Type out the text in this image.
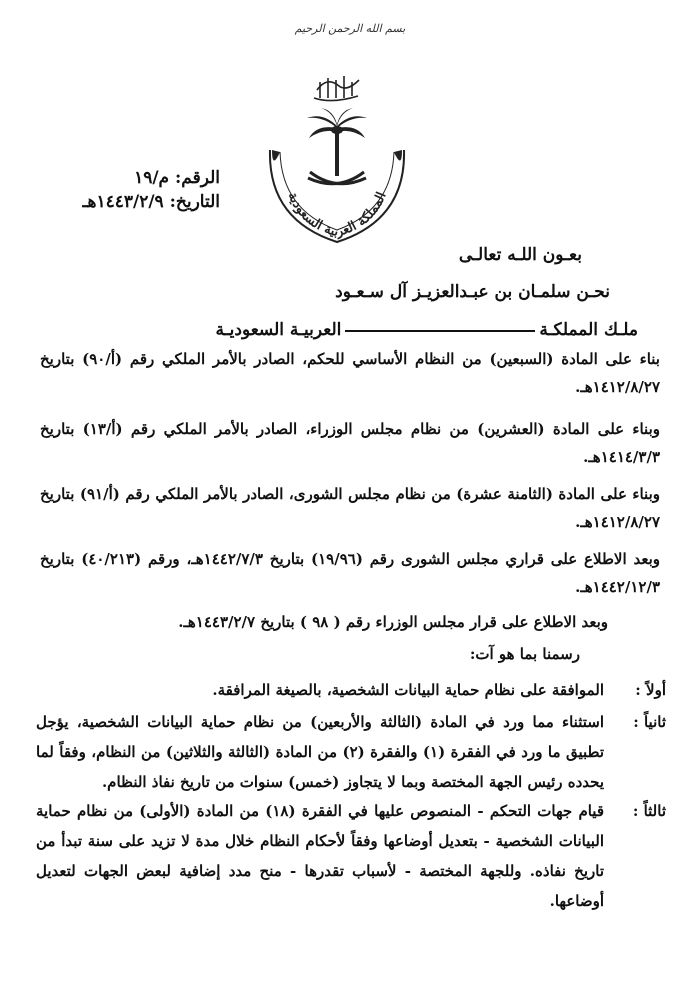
بسم الله الرحمن الرحيم
المملكة العربية السعودية
الرقم: م/١٩
التاريخ: ١٤٤٣/٢/٩هـ
بعـون اللـه تعالـى
نحـن سلمـان بن عبـدالعزيـز آل سـعـود
ملـك المملكـةالعربيـة السعوديـة
بناء على المادة (السبعين) من النظام الأساسي للحكم، الصادر بالأمر الملكي رقم (أ/٩٠) بتاريخ ١٤١٢/٨/٢٧هـ.
وبناء على المادة (العشرين) من نظام مجلس الوزراء، الصادر بالأمر الملكي رقم (أ/١٣) بتاريخ ١٤١٤/٣/٣هـ.
وبناء على المادة (الثامنة عشرة) من نظام مجلس الشورى، الصادر بالأمر الملكي رقم (أ/٩١) بتاريخ ١٤١٢/٨/٢٧هـ.
وبعد الاطلاع على قراري مجلس الشورى رقم (١٩/٩٦) بتاريخ ١٤٤٢/٧/٣هـ، ورقم (٤٠/٢١٣) بتاريخ ١٤٤٢/١٢/٣هـ.
وبعد الاطلاع على قرار مجلس الوزراء رقم ( ٩٨ ) بتاريخ ١٤٤٣/٢/٧هـ.
رسمنا بما هو آت:
أولاً :
الموافقة على نظام حماية البيانات الشخصية، بالصيغة المرافقة.
ثانياً :
استثناء مما ورد في المادة (الثالثة والأربعين) من نظام حماية البيانات الشخصية، يؤجل تطبيق ما ورد في الفقرة (١) والفقرة (٢) من المادة (الثالثة والثلاثين) من النظام، وفقاً لما يحدده رئيس الجهة المختصة وبما لا يتجاوز (خمس) سنوات من تاريخ نفاذ النظام.
ثالثاً :
قيام جهات التحكم - المنصوص عليها في الفقرة (١٨) من المادة (الأولى) من نظام حماية البيانات الشخصية - بتعديل أوضاعها وفقاً لأحكام النظام خلال مدة لا تزيد على سنة تبدأ من تاريخ نفاذه. وللجهة المختصة - لأسباب تقدرها - منح مدد إضافية لبعض الجهات لتعديل أوضاعها.
